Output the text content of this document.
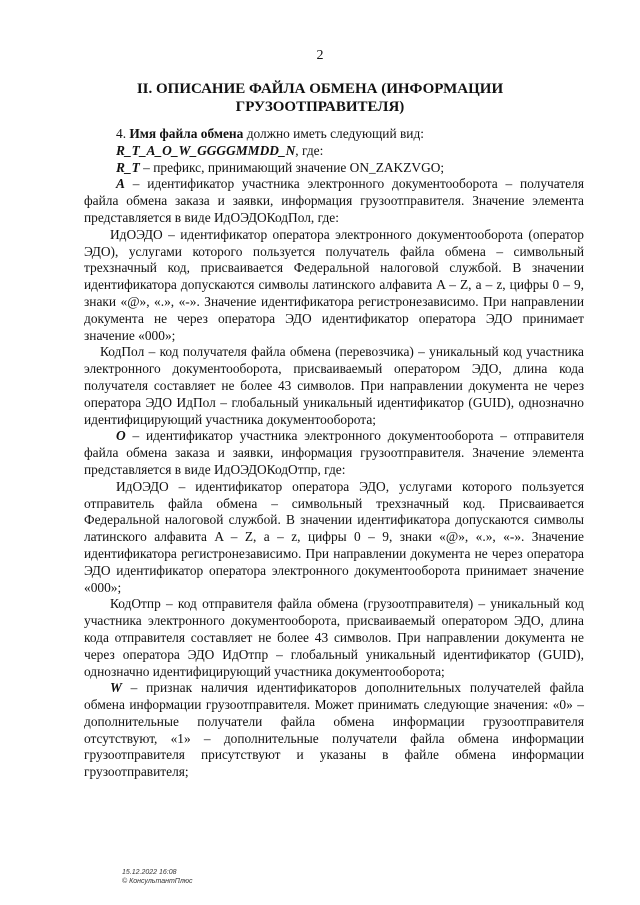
2
II. ОПИСАНИЕ ФАЙЛА ОБМЕНА (ИНФОРМАЦИИ ГРУЗООТПРАВИТЕЛЯ)

4. Имя файла обмена должно иметь следующий вид:

R_T_A_O_W_GGGGMMDD_N, где:

R_T – префикс, принимающий значение ON_ZAKZVGO;

A – идентификатор участника электронного документооборота – получателя файла обмена заказа и заявки, информация грузоотправителя. Значение элемента представляется в виде ИдОЭДОКодПол, где:

ИдОЭДО – идентификатор оператора электронного документооборота (оператор ЭДО), услугами которого пользуется получатель файла обмена – символьный трехзначный код, присваивается Федеральной налоговой службой. В значении идентификатора допускаются символы латинского алфавита A – Z, a – z, цифры 0 – 9, знаки «@», «.», «-». Значение идентификатора регистронезависимо. При направлении документа не через оператора ЭДО идентификатор оператора ЭДО принимает значение «000»;

КодПол – код получателя файла обмена (перевозчика) – уникальный код участника электронного документооборота, присваиваемый оператором ЭДО, длина кода получателя составляет не более 43 символов. При направлении документа не через оператора ЭДО ИдПол – глобальный уникальный идентификатор (GUID), однозначно идентифицирующий участника документооборота;

O – идентификатор участника электронного документооборота – отправителя файла обмена заказа и заявки, информация грузоотправителя. Значение элемента представляется в виде ИдОЭДОКодОтпр, где:

ИдОЭДО – идентификатор оператора ЭДО, услугами которого пользуется отправитель файла обмена – символьный трехзначный код. Присваивается Федеральной налоговой службой. В значении идентификатора допускаются символы латинского алфавита A – Z, a – z, цифры 0 – 9, знаки «@», «.», «-». Значение идентификатора регистронезависимо. При направлении документа не через оператора ЭДО идентификатор оператора электронного документооборота принимает значение «000»;

КодОтпр – код отправителя файла обмена (грузоотправителя) – уникальный код участника электронного документооборота, присваиваемый оператором ЭДО, длина кода отправителя составляет не более 43 символов. При направлении документа не через оператора ЭДО ИдОтпр – глобальный уникальный идентификатор (GUID), однозначно идентифицирующий участника документооборота;

W – признак наличия идентификаторов дополнительных получателей файла обмена информации грузоотправителя. Может принимать следующие значения: «0» – дополнительные получатели файла обмена информации грузоотправителя отсутствуют, «1» – дополнительные получатели файла обмена информации грузоотправителя присутствуют и указаны в файле обмена информации грузоотправителя;

15.12.2022 16:08
© КонсультантПлюс
